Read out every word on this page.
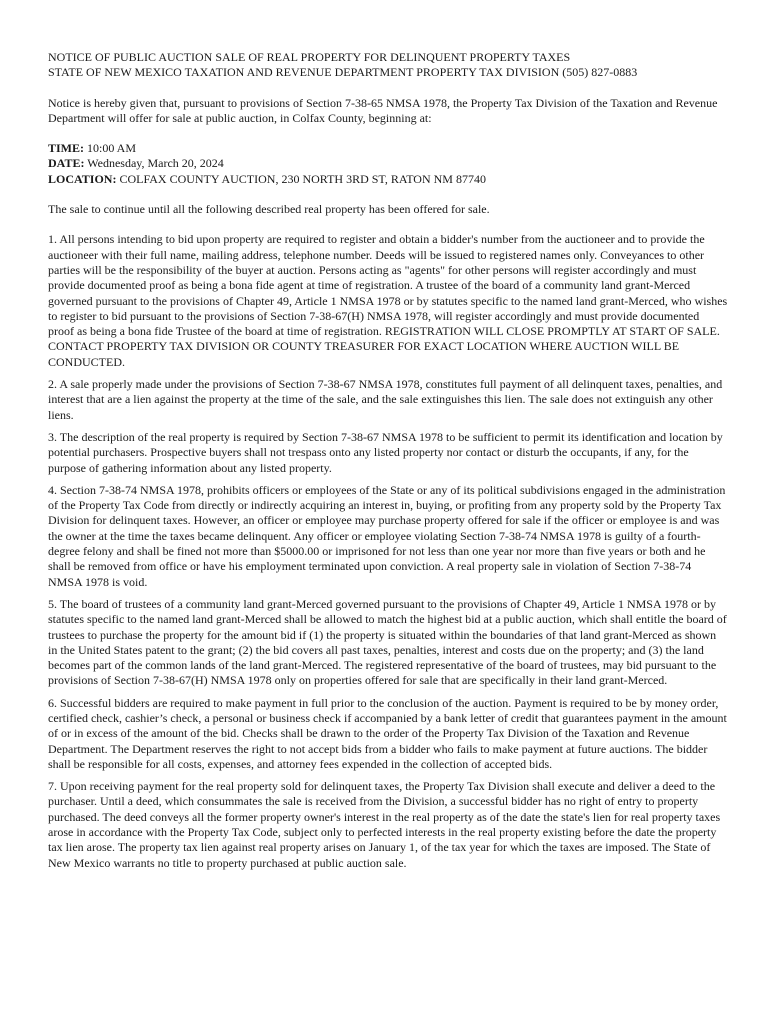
NOTICE OF PUBLIC AUCTION SALE OF REAL PROPERTY FOR DELINQUENT PROPERTY TAXES
STATE OF NEW MEXICO TAXATION AND REVENUE DEPARTMENT PROPERTY TAX DIVISION (505) 827-0883

Notice is hereby given that, pursuant to provisions of Section 7-38-65 NMSA 1978, the Property Tax Division of the Taxation and Revenue Department will offer for sale at public auction, in Colfax County, beginning at:

TIME: 10:00 AM
DATE: Wednesday, March 20, 2024
LOCATION: COLFAX COUNTY AUCTION, 230 NORTH 3RD ST, RATON NM 87740

The sale to continue until all the following described real property has been offered for sale.

1. All persons intending to bid upon property are required to register and obtain a bidder's number from the auctioneer and to provide the auctioneer with their full name, mailing address, telephone number. Deeds will be issued to registered names only. Conveyances to other parties will be the responsibility of the buyer at auction. Persons acting as "agents" for other persons will register accordingly and must provide documented proof as being a bona fide agent at time of registration. A trustee of the board of a community land grant-Merced governed pursuant to the provisions of Chapter 49, Article 1 NMSA 1978 or by statutes specific to the named land grant-Merced, who wishes to register to bid pursuant to the provisions of Section 7-38-67(H) NMSA 1978, will register accordingly and must provide documented proof as being a bona fide Trustee of the board at time of registration. REGISTRATION WILL CLOSE PROMPTLY AT START OF SALE. CONTACT PROPERTY TAX DIVISION OR COUNTY TREASURER FOR EXACT LOCATION WHERE AUCTION WILL BE CONDUCTED.

2. A sale properly made under the provisions of Section 7-38-67 NMSA 1978, constitutes full payment of all delinquent taxes, penalties, and interest that are a lien against the property at the time of the sale, and the sale extinguishes this lien. The sale does not extinguish any other liens.

3. The description of the real property is required by Section 7-38-67 NMSA 1978 to be sufficient to permit its identification and location by potential purchasers. Prospective buyers shall not trespass onto any listed property nor contact or disturb the occupants, if any, for the purpose of gathering information about any listed property.

4. Section 7-38-74 NMSA 1978, prohibits officers or employees of the State or any of its political subdivisions engaged in the administration of the Property Tax Code from directly or indirectly acquiring an interest in, buying, or profiting from any property sold by the Property Tax Division for delinquent taxes. However, an officer or employee may purchase property offered for sale if the officer or employee is and was the owner at the time the taxes became delinquent. Any officer or employee violating Section 7-38-74 NMSA 1978 is guilty of a fourth-degree felony and shall be fined not more than $5000.00 or imprisoned for not less than one year nor more than five years or both and he shall be removed from office or have his employment terminated upon conviction. A real property sale in violation of Section 7-38-74 NMSA 1978 is void.

5. The board of trustees of a community land grant-Merced governed pursuant to the provisions of Chapter 49, Article 1 NMSA 1978 or by statutes specific to the named land grant-Merced shall be allowed to match the highest bid at a public auction, which shall entitle the board of trustees to purchase the property for the amount bid if (1) the property is situated within the boundaries of that land grant-Merced as shown in the United States patent to the grant; (2) the bid covers all past taxes, penalties, interest and costs due on the property; and (3) the land becomes part of the common lands of the land grant-Merced. The registered representative of the board of trustees, may bid pursuant to the provisions of Section 7-38-67(H) NMSA 1978 only on properties offered for sale that are specifically in their land grant-Merced.

6. Successful bidders are required to make payment in full prior to the conclusion of the auction. Payment is required to be by money order, certified check, cashier’s check, a personal or business check if accompanied by a bank letter of credit that guarantees payment in the amount of or in excess of the amount of the bid. Checks shall be drawn to the order of the Property Tax Division of the Taxation and Revenue Department. The Department reserves the right to not accept bids from a bidder who fails to make payment at future auctions. The bidder shall be responsible for all costs, expenses, and attorney fees expended in the collection of accepted bids.

7. Upon receiving payment for the real property sold for delinquent taxes, the Property Tax Division shall execute and deliver a deed to the purchaser. Until a deed, which consummates the sale is received from the Division, a successful bidder has no right of entry to property purchased. The deed conveys all the former property owner's interest in the real property as of the date the state's lien for real property taxes arose in accordance with the Property Tax Code, subject only to perfected interests in the real property existing before the date the property tax lien arose. The property tax lien against real property arises on January 1, of the tax year for which the taxes are imposed. The State of New Mexico warrants no title to property purchased at public auction sale.
